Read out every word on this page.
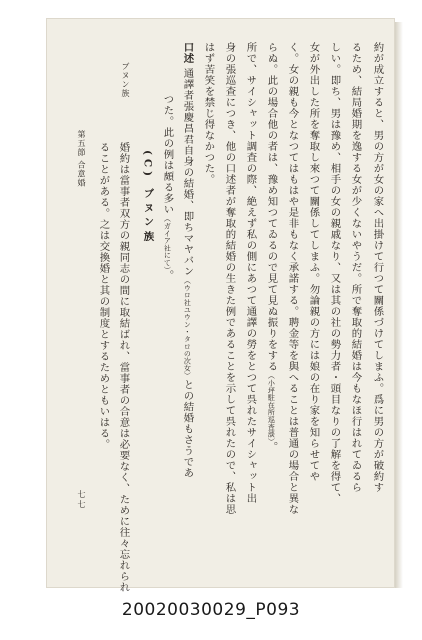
約が成立すると、男の方が女の家へ出掛けて行つて關係づけてしまふ。爲に男の方が破約す
るため、結局婚期を逸する女が少くないやうだ。所で奪取的結婚は今もなほ行はれてゐるら
しい。即ち、男は豫め、相手の女の親戚なり、又は其の社の勢力者・頭目なりの了解を得て、
女が外出した所を奪取し來つて關係してしまふ。勿論親の方には娘の在り家を知らせてや
く。女の親も今となつてはもはや是非もなく承諾する。聘金等を與へることは普通の場合と異な
らぬ。此の場合他の者は、豫め知つてゐるので見て見ぬ振りをする（小坪駐在所巡査談）。
所で、サイシャット調査の際、絶えず私の側にあつて通譯の勞をとつて呉れたサイシャット出
身の張巡查につき、他の口述者が奪取的結婚の生きた例であることを示して呉れたので、私は思
はず苦笑を禁じ得なかつた。
口述 通譯者張慶昌君自身の結婚、即ちマヤバン（ウロ社ユウン・タロの次女）との結婚もさうであ
つた。此の例は頗る多い（ガイア社にて）。
(C) ブヌン族
婚約は當事者双方の親同志の間に取結ばれ、當事者の合意は必要なく、ために往々忘れられ
ることがある。之は交換婚と其の制度とするためともいはる。
ブヌン族
第五節 合意婚
七七
20020030029_P093
